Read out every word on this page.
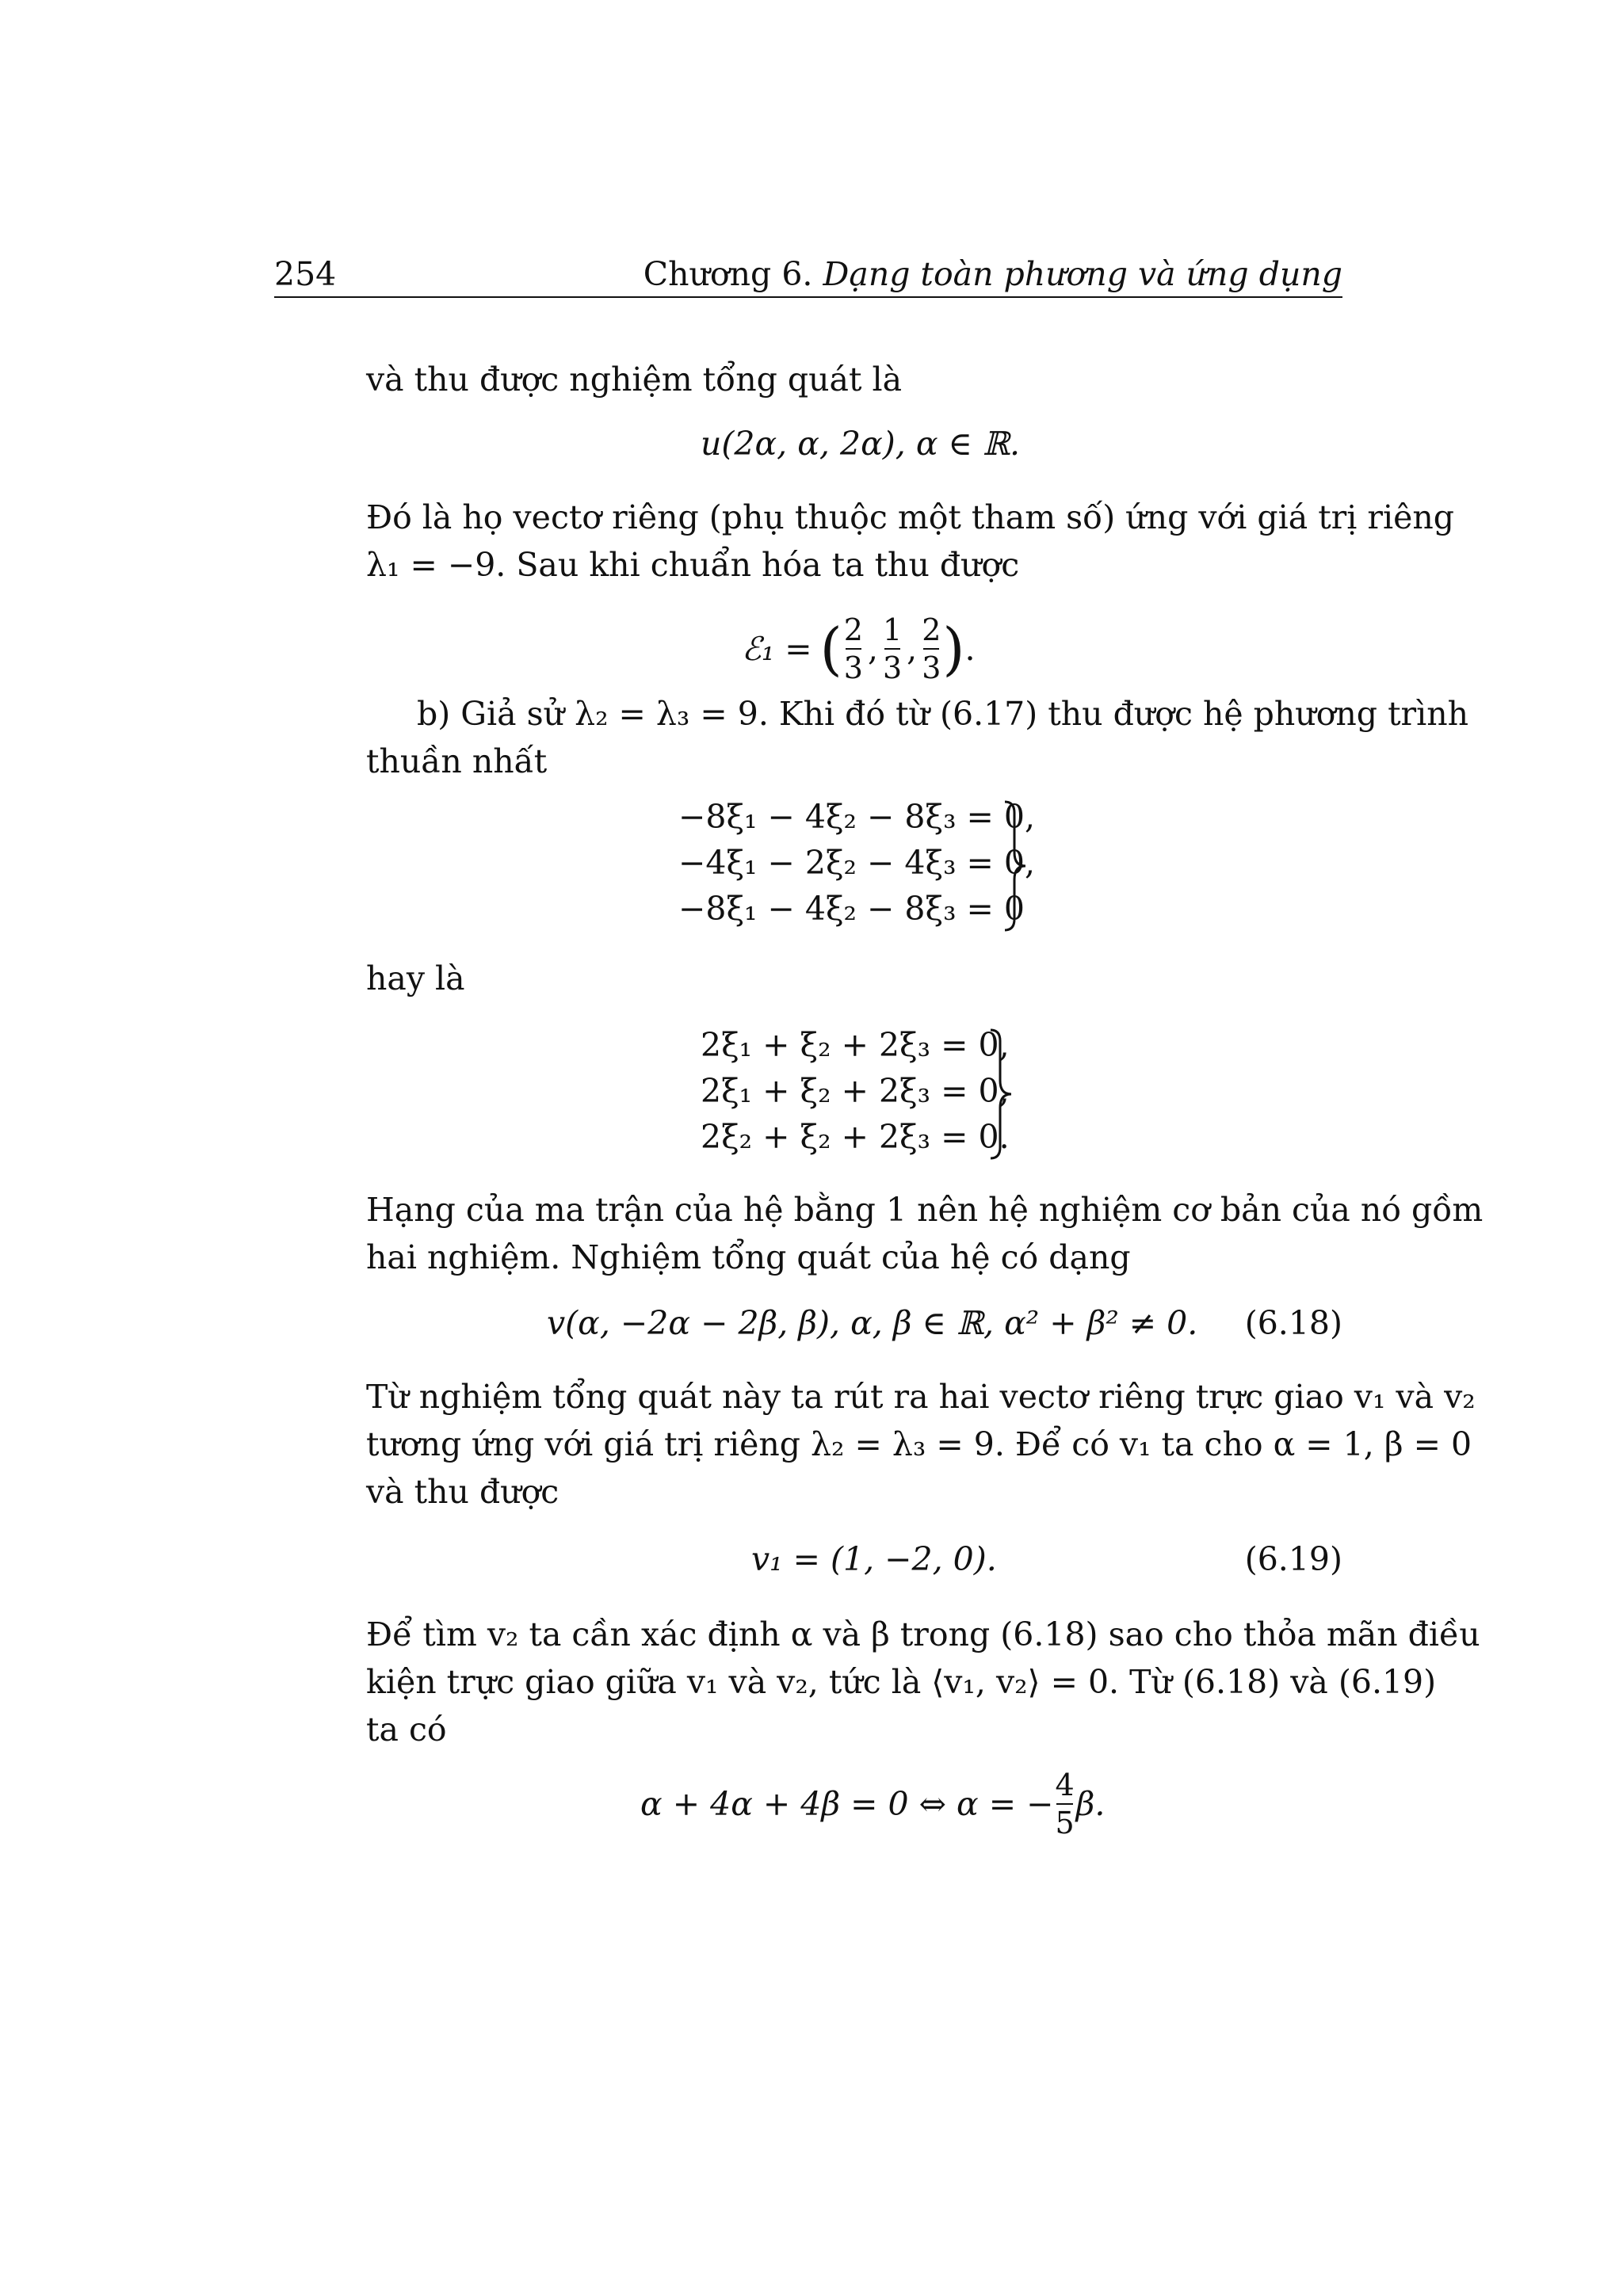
254	Chương 6. Dạng toàn phương và ứng dụng
và thu được nghiệm tổng quát là
u(2α, α, 2α), α ∈ ℝ.
Đó là họ vectơ riêng (phụ thuộc một tham số) ứng với giá trị riêng
λ₁ = −9. Sau khi chuẩn hóa ta thu được
ℰ₁ = ( $\frac{2}{3}$ , $\frac{1}{3}$ , $\frac{2}{3}$ ) .
b) Giả sử λ₂ = λ₃ = 9. Khi đó từ (6.17) thu được hệ phương trình
thuần nhất
−8ξ₁ − 4ξ₂ − 8ξ₃ = 0,
−4ξ₁ − 2ξ₂ − 4ξ₃ = 0,
−8ξ₁ − 4ξ₂ − 8ξ₃ = 0
hay là
2ξ₁ + ξ₂ + 2ξ₃ = 0,
2ξ₁ + ξ₂ + 2ξ₃ = 0,
2ξ₂ + ξ₂ + 2ξ₃ = 0.
Hạng của ma trận của hệ bằng 1 nên hệ nghiệm cơ bản của nó gồm
hai nghiệm. Nghiệm tổng quát của hệ có dạng
v(α, −2α − 2β, β), α, β ∈ ℝ, α² + β² ≠ 0. (6.18)
Từ nghiệm tổng quát này ta rút ra hai vectơ riêng trực giao v₁ và v₂
tương ứng với giá trị riêng λ₂ = λ₃ = 9. Để có v₁ ta cho α = 1, β = 0
và thu được
v₁ = (1, −2, 0).	(6.19)
Để tìm v₂ ta cần xác định α và β trong (6.18) sao cho thỏa mãn điều
kiện trực giao giữa v₁ và v₂, tức là ⟨v₁, v₂⟩ = 0. Từ (6.18) và (6.19)
ta có
α + 4α + 4β = 0 ⇔ α = − $\frac{4}{5} \beta$.
